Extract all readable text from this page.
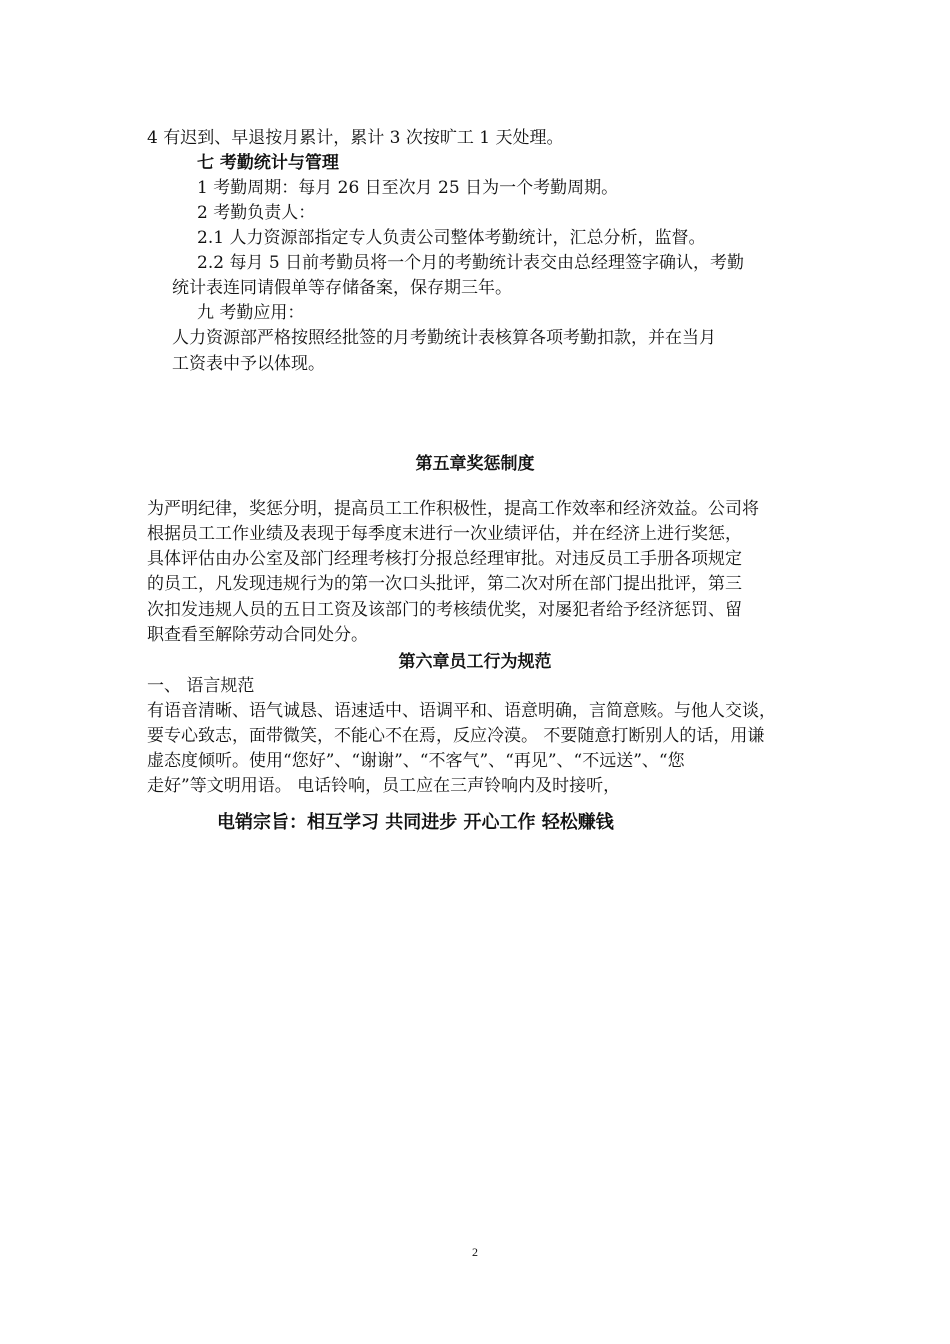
4 有迟到、早退按月累计，累计 3 次按旷工 1 天处理。
七 考勤统计与管理
1 考勤周期：每月 26 日至次月 25 日为一个考勤周期。
2 考勤负责人：
2.1 人力资源部指定专人负责公司整体考勤统计，汇总分析，监督。
2.2 每月 5 日前考勤员将一个月的考勤统计表交由总经理签字确认，考勤
统计表连同请假单等存储备案，保存期三年。
九 考勤应用：
人力资源部严格按照经批签的月考勤统计表核算各项考勤扣款，并在当月
工资表中予以体现。
第五章奖惩制度
为严明纪律，奖惩分明，提高员工工作积极性，提高工作效率和经济效益。公司将
根据员工工作业绩及表现于每季度末进行一次业绩评估，并在经济上进行奖惩，
具体评估由办公室及部门经理考核打分报总经理审批。对违反员工手册各项规定
的员工，凡发现违规行为的第一次口头批评，第二次对所在部门提出批评，第三
次扣发违规人员的五日工资及该部门的考核绩优奖，对屡犯者给予经济惩罚、留
职查看至解除劳动合同处分。
第六章员工行为规范
一、 语言规范
有语音清晰、语气诚恳、语速适中、语调平和、语意明确，言简意赅。与他人交谈，
要专心致志，面带微笑，不能心不在焉，反应冷漠。 不要随意打断别人的话，用谦
虚态度倾听。使用“您好”、“谢谢”、“不客气”、“再见”、“不远送”、“您
走好”等文明用语。 电话铃响，员工应在三声铃响内及时接听，
电销宗旨：相互学习 共同进步 开心工作 轻松赚钱
2
